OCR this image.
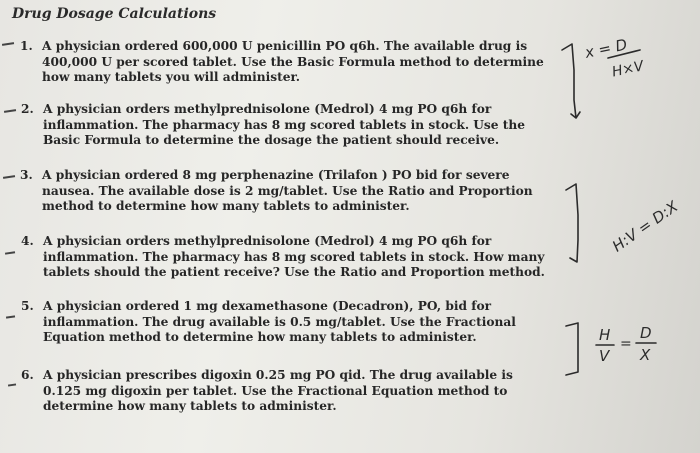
Drug Dosage Calculations
1. A physician ordered 600,000 U penicillin PO q6h. The available drug is 400,000 U per scored tablet. Use the Basic Formula method to determine how many tablets you will administer.
2. A physician orders methylprednisolone (Medrol) 4 mg PO q6h for inflammation. The pharmacy has 8 mg scored tablets in stock. Use the Basic Formula to determine the dosage the patient should receive.
3. A physician ordered 8 mg perphenazine (Trilafon ) PO bid for severe nausea. The available dose is 2 mg/tablet. Use the Ratio and Proportion method to determine how many tablets to administer.
4. A physician orders methylprednisolone (Medrol) 4 mg PO q6h for inflammation. The pharmacy has 8 mg scored tablets in stock. How many tablets should the patient receive? Use the Ratio and Proportion method.
5. A physician ordered 1 mg dexamethasone (Decadron), PO, bid for inflammation. The drug available is 0.5 mg/tablet. Use the Fractional Equation method to determine how many tablets to administer.
6. A physician prescribes digoxin 0.25 mg PO qid. The drug available is 0.125 mg digoxin per tablet. Use the Fractional Equation method to determine how many tablets to administer.
x = D
H×V
H:V = D:X
H
V
=
D
X
